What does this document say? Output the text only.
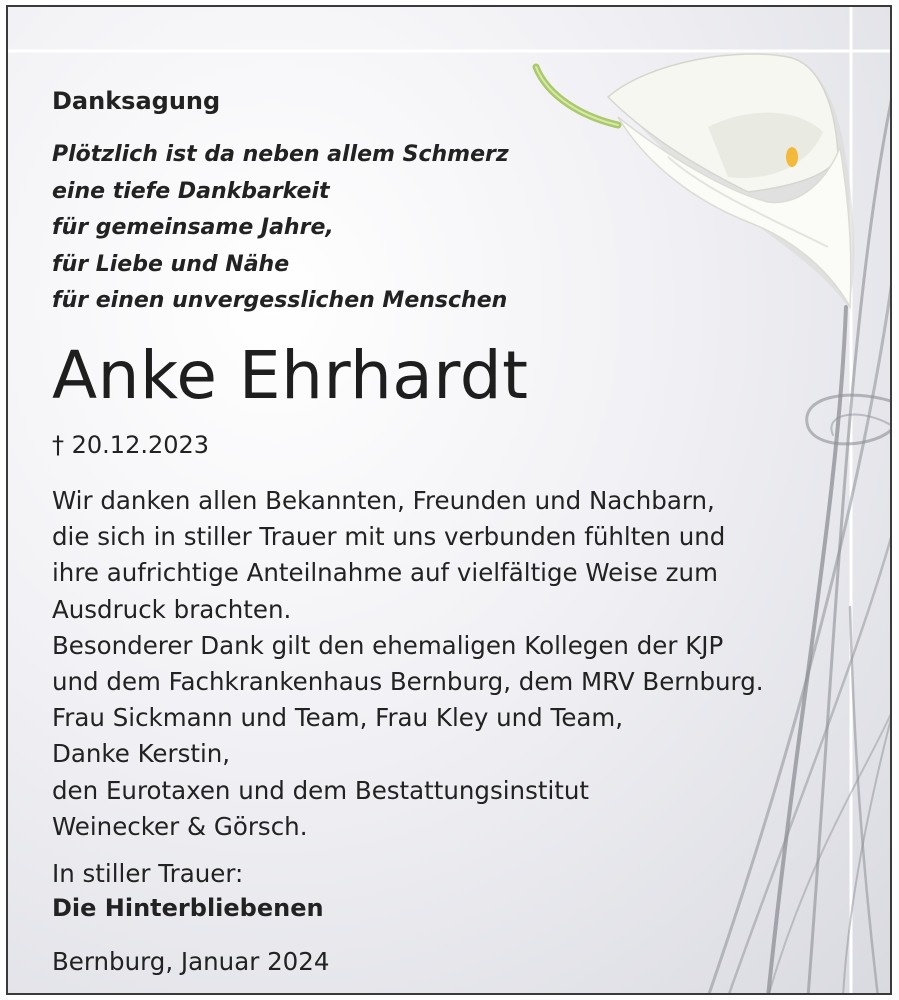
Danksagung
Plötzlich ist da neben allem Schmerz
eine tiefe Dankbarkeit
für gemeinsame Jahre,
für Liebe und Nähe
für einen unvergesslichen Menschen
Anke Ehrhardt
† 20.12.2023
Wir danken allen Bekannten, Freunden und Nachbarn,
die sich in stiller Trauer mit uns verbunden fühlten und
ihre aufrichtige Anteilnahme auf vielfältige Weise zum
Ausdruck brachten.
Besonderer Dank gilt den ehemaligen Kollegen der KJP
und dem Fachkrankenhaus Bernburg, dem MRV Bernburg.
Frau Sickmann und Team, Frau Kley und Team,
Danke Kerstin,
den Eurotaxen und dem Bestattungsinstitut
Weinecker & Görsch.
In stiller Trauer:
Die Hinterbliebenen
Bernburg, Januar 2024
